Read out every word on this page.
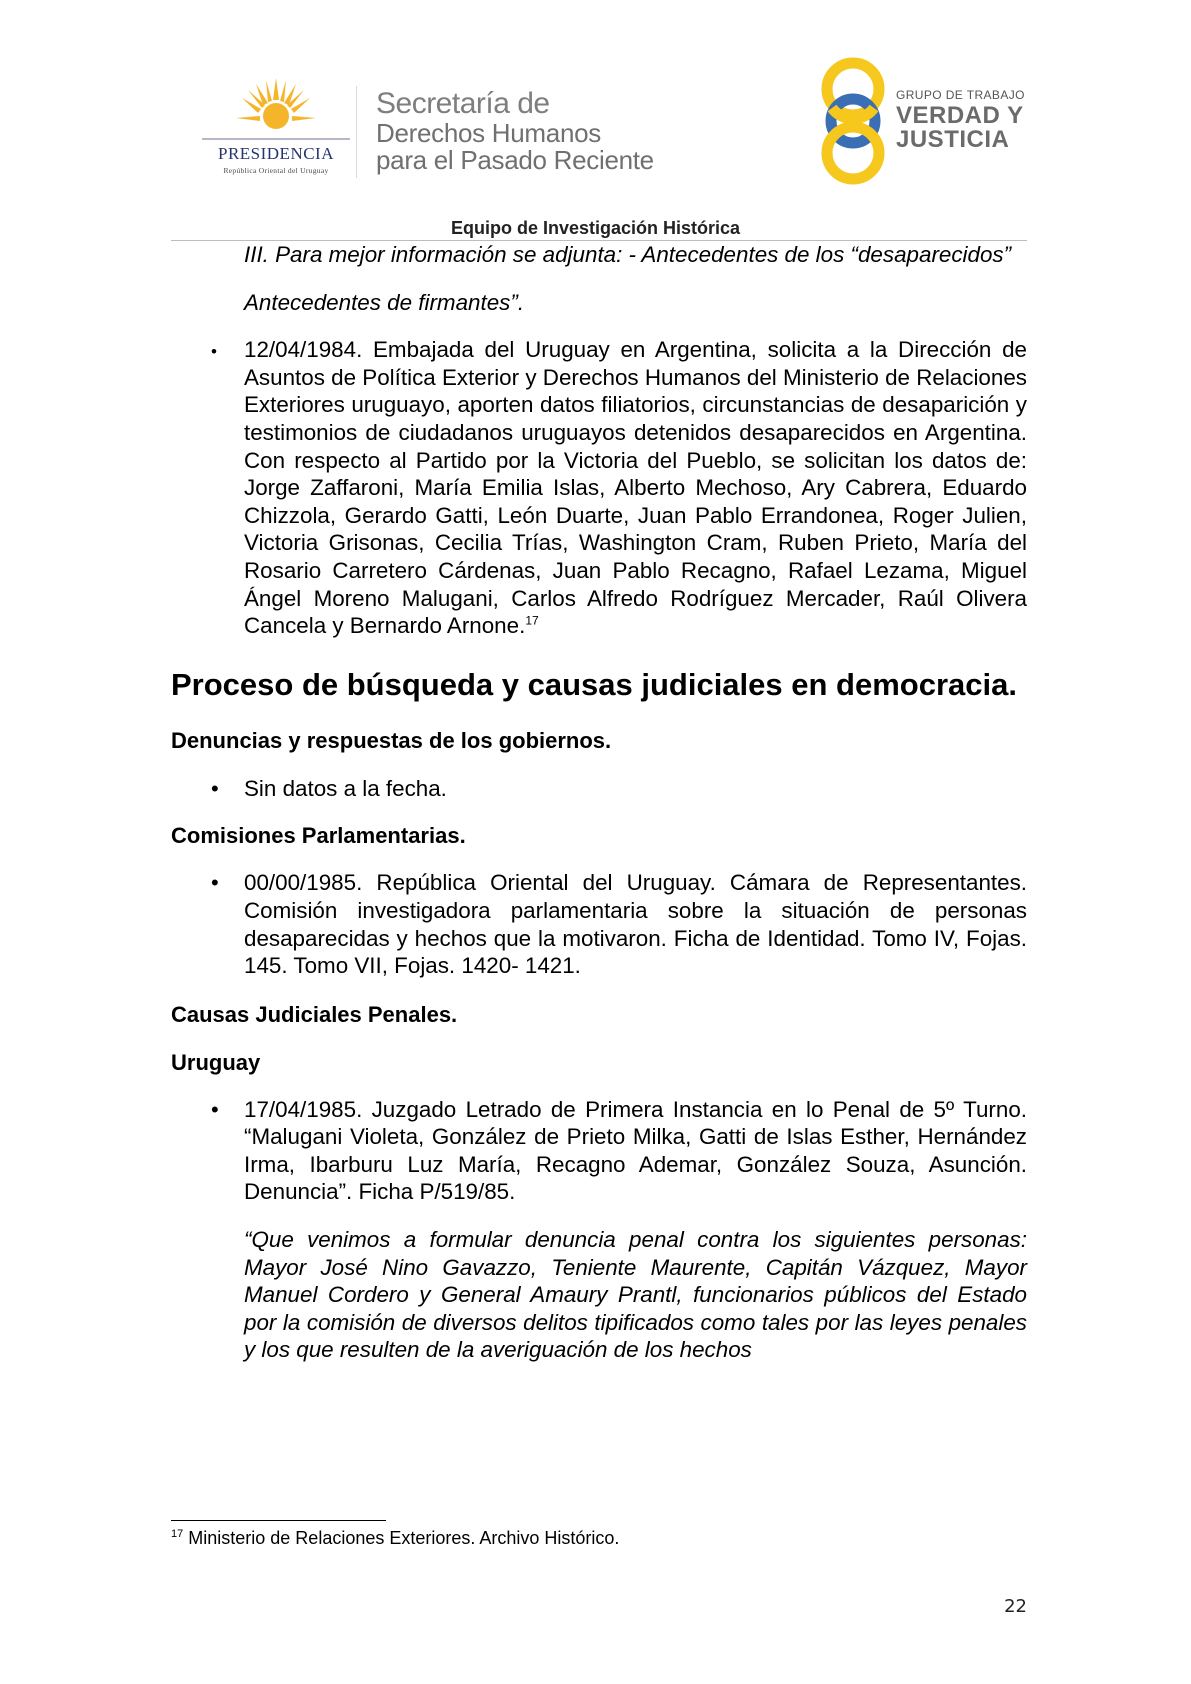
PRESIDENCIA
República Oriental del Uruguay
Secretaría de
Derechos Humanos
para el Pasado Reciente
GRUPO DE TRABAJO
VERDAD Y
JUSTICIA
Equipo de Investigación Histórica

III. Para mejor información se adjunta: - Antecedentes de los “desaparecidos”

Antecedentes de firmantes”.

• 12/04/1984. Embajada del Uruguay en Argentina, solicita a la Dirección de Asuntos de Política Exterior y Derechos Humanos del Ministerio de Relaciones Exteriores uruguayo, aporten datos filiatorios, circunstancias de desaparición y testimonios de ciudadanos uruguayos detenidos desaparecidos en Argentina. Con respecto al Partido por la Victoria del Pueblo, se solicitan los datos de: Jorge Zaffaroni, María Emilia Islas, Alberto Mechoso, Ary Cabrera, Eduardo Chizzola, Gerardo Gatti, León Duarte, Juan Pablo Errandonea, Roger Julien, Victoria Grisonas, Cecilia Trías, Washington Cram, Ruben Prieto, María del Rosario Carretero Cárdenas, Juan Pablo Recagno, Rafael Lezama, Miguel Ángel Moreno Malugani, Carlos Alfredo Rodríguez Mercader, Raúl Olivera Cancela y Bernardo Arnone.$^{17}$
Proceso de búsqueda y causas judiciales en democracia.
Denuncias y respuestas de los gobiernos.
• Sin datos a la fecha.
Comisiones Parlamentarias.
• 00/00/1985. República Oriental del Uruguay. Cámara de Representantes. Comisión investigadora parlamentaria sobre la situación de personas desaparecidas y hechos que la motivaron. Ficha de Identidad. Tomo IV, Fojas. 145. Tomo VII, Fojas. 1420- 1421.
Causas Judiciales Penales.
Uruguay
• 17/04/1985. Juzgado Letrado de Primera Instancia en lo Penal de 5º Turno. “Malugani Violeta, González de Prieto Milka, Gatti de Islas Esther, Hernández Irma, Ibarburu Luz María, Recagno Ademar, González Souza, Asunción. Denuncia”. Ficha P/519/85.

“Que venimos a formular denuncia penal contra los siguientes personas: Mayor José Nino Gavazzo, Teniente Maurente, Capitán Vázquez, Mayor Manuel Cordero y General Amaury Prantl, funcionarios públicos del Estado por la comisión de diversos delitos tipificados como tales por las leyes penales y los que resulten de la averiguación de los hechos

$^{17}$ Ministerio de Relaciones Exteriores. Archivo Histórico.
22
